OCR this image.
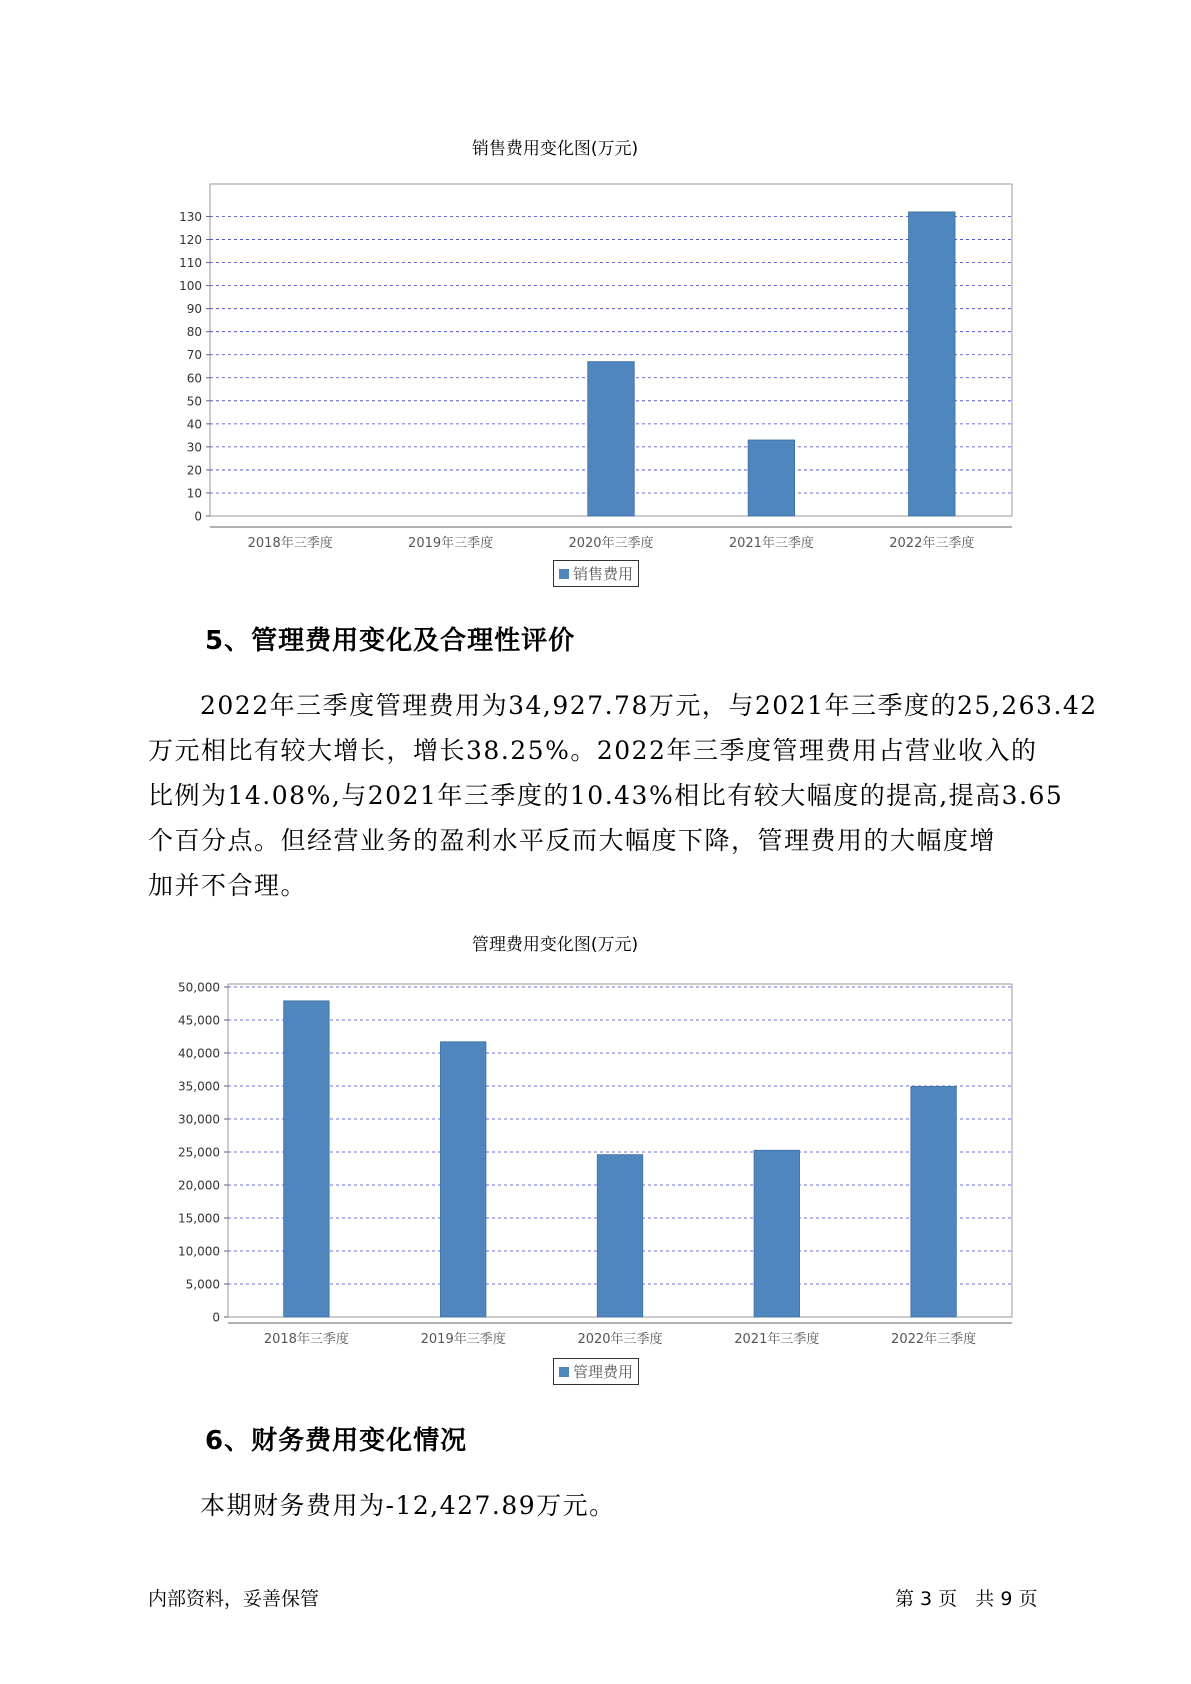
销售费用变化图(万元)
0
10
20
30
40
50
60
70
80
90
100
110
120
130
2018年三季度	2019年三季度	2020年三季度	2021年三季度	2022年三季度
销售费用
5、管理费用变化及合理性评价
2022年三季度管理费用为34,927.78万元，与2021年三季度的25,263.42
万元相比有较大增长，增长38.25%。2022年三季度管理费用占营业收入的
比例为14.08%,与2021年三季度的10.43%相比有较大幅度的提高,提高3.65
个百分点。但经营业务的盈利水平反而大幅度下降，管理费用的大幅度增
加并不合理。
管理费用变化图(万元)
0
5,000
10,000
15,000
20,000
25,000
30,000
35,000
40,000
45,000
50,000
2018年三季度	2019年三季度	2020年三季度	2021年三季度	2022年三季度
管理费用
6、财务费用变化情况
本期财务费用为-12,427.89万元。
内部资料，妥善保管	第 3 页   共 9 页
